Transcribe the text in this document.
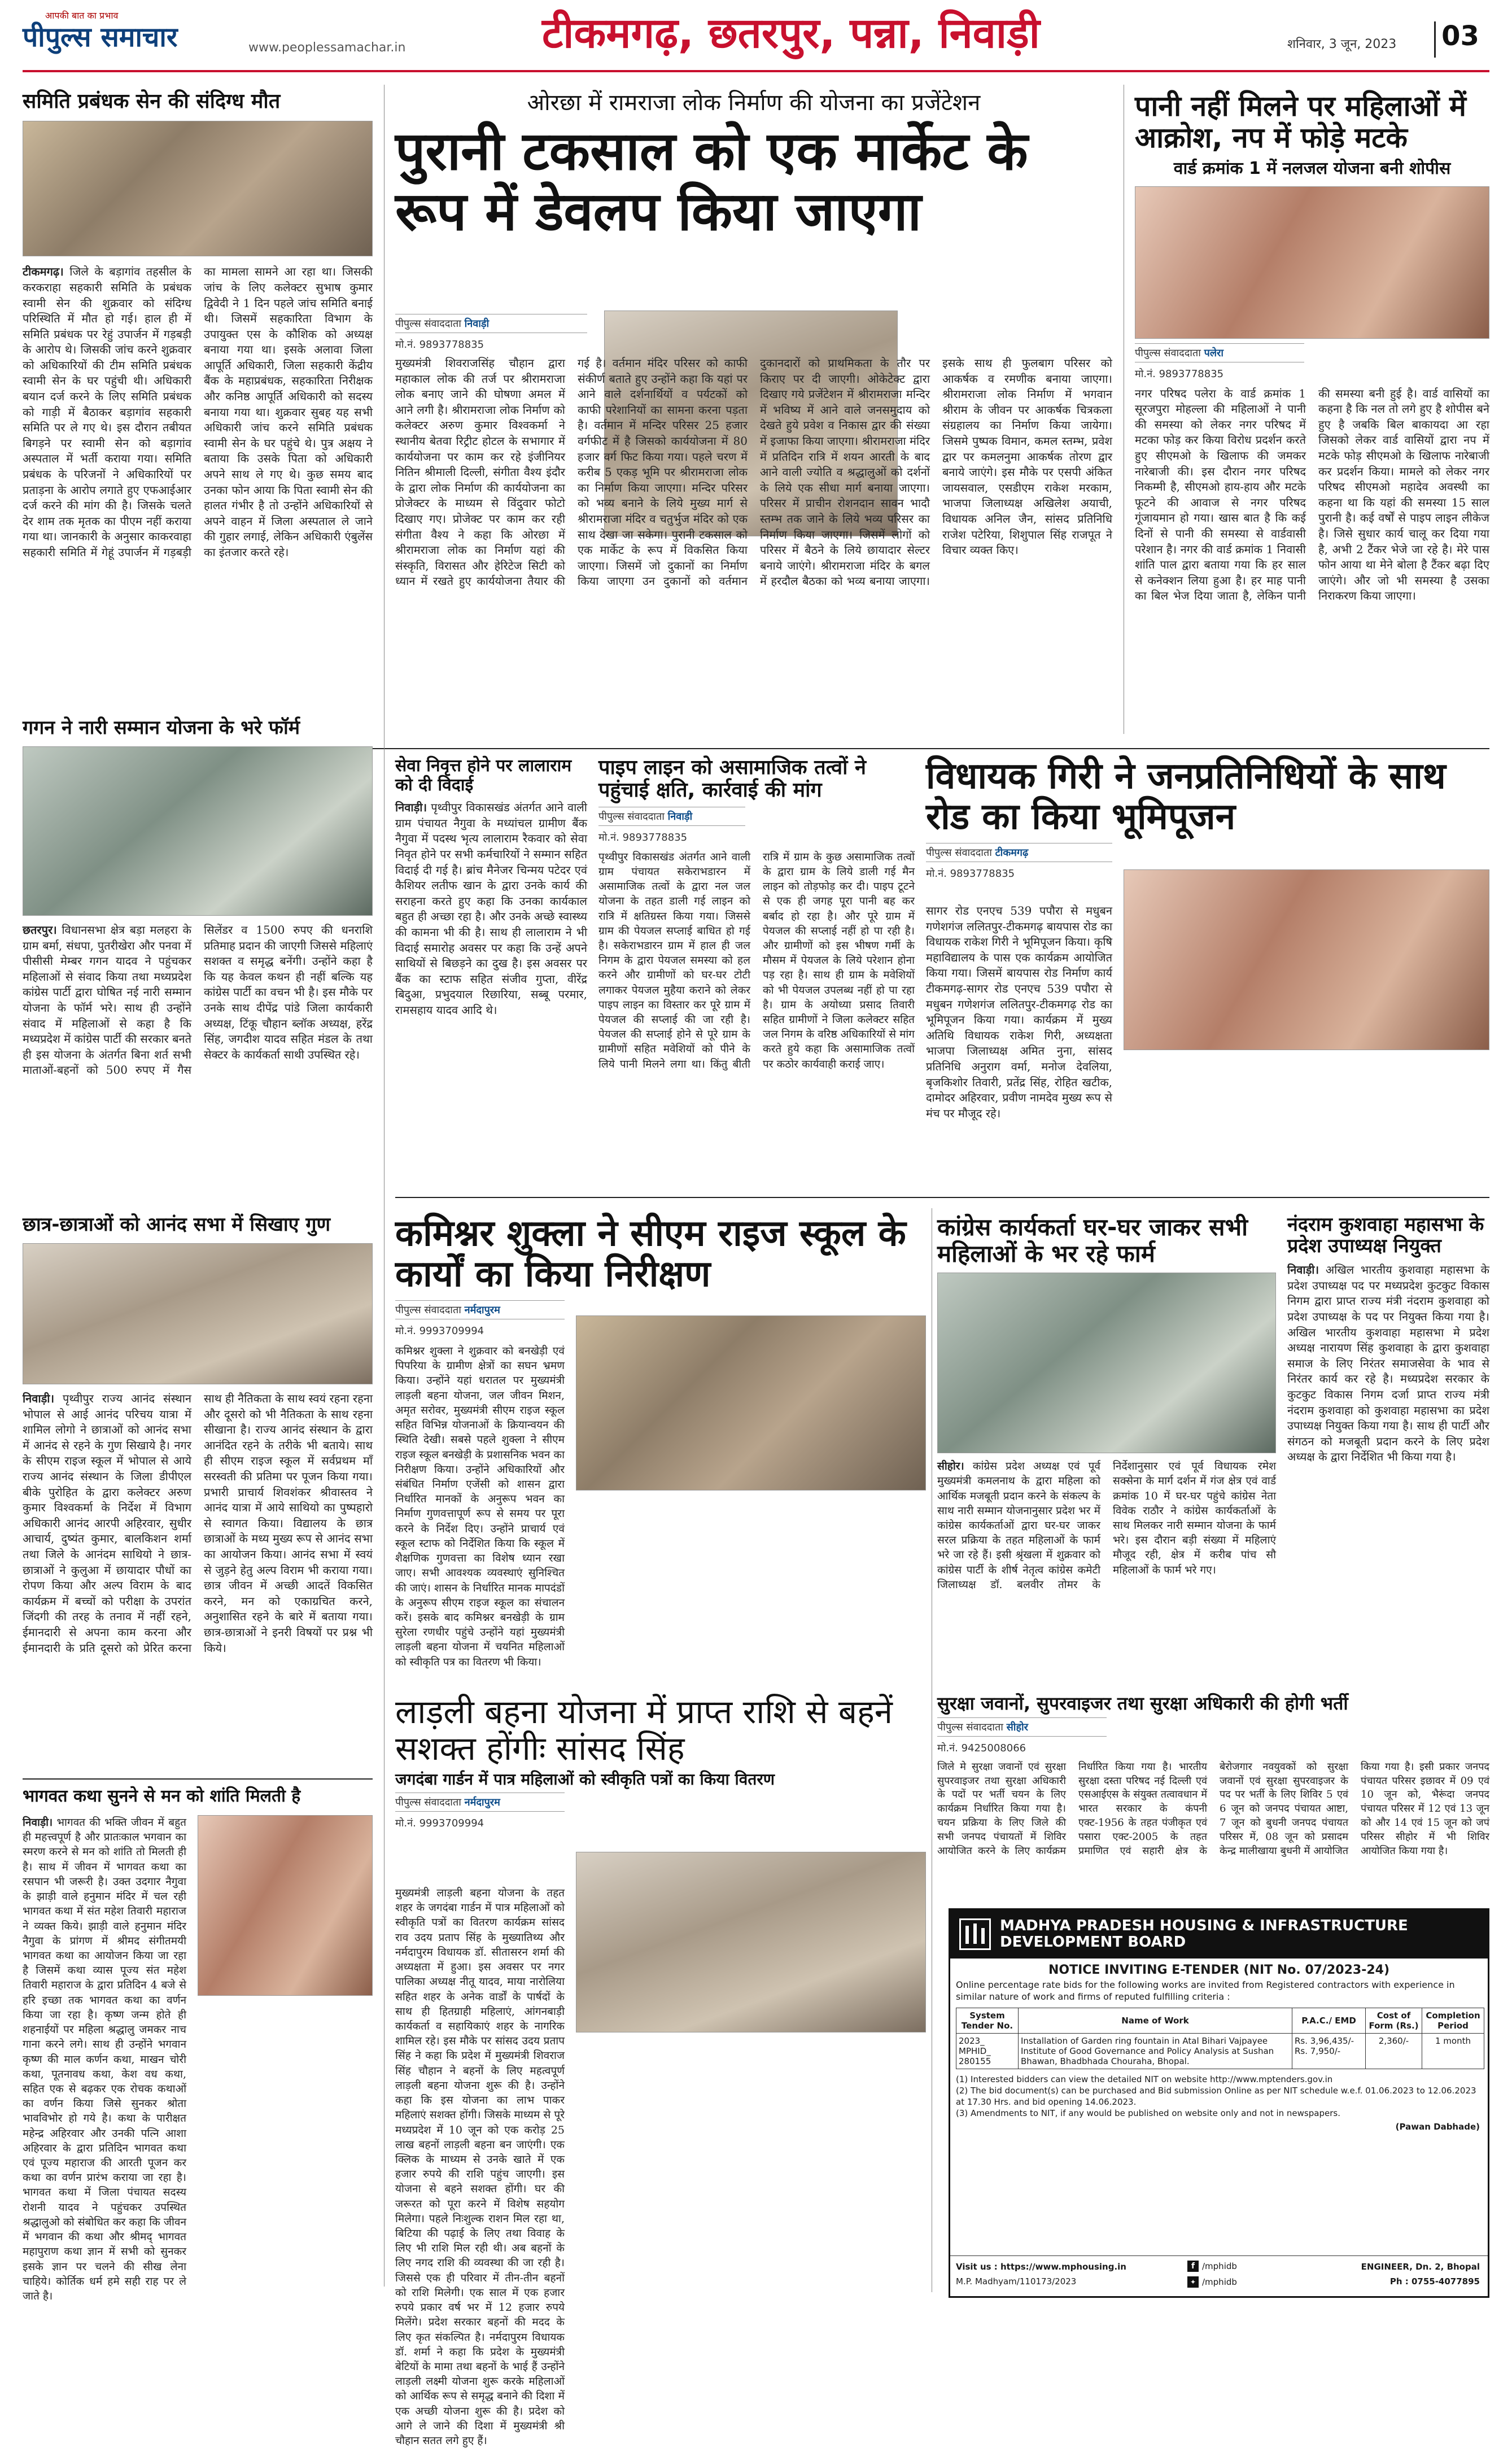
आपकी बात का प्रभाव
पीपुल्स समाचार	www.peoplessamachar.in	टीकमगढ़, छतरपुर, पन्ना, निवाड़ी	शनिवार, 3 जून, 2023 03
समिति प्रबंधक सेन की संदिग्ध मौत
टीकमगढ़। जिले के बड़ागांव तहसील के करकराहा सहकारी समिति के प्रबंधक स्वामी सेन की शुक्रवार को संदिग्ध परिस्थिति में मौत हो गई। हाल ही में समिति प्रबंधक पर रेहुं उपार्जन में गड़बड़ी के आरोप थे। जिसकी जांच करने शुक्रवार को अधिकारियों की टीम समिति प्रबंधक स्वामी सेन के घर पहुंची थी। अधिकारी बयान दर्ज करने के लिए समिति प्रबंधक को गाड़ी में बैठाकर बड़ागांव सहकारी समिति पर ले गए थे। इस दौरान तबीयत बिगड़ने पर स्वामी सेन को बड़ागांव अस्पताल में भर्ती कराया गया। समिति प्रबंधक के परिजनों ने अधिकारियों पर प्रताड़ना के आरोप लगाते हुए एफआईआर दर्ज करने की मांग की है। जिसके चलते देर शाम तक मृतक का पीएम नहीं कराया गया था। जानकारी के अनुसार काकरवाहा सहकारी समिति में गेहूं उपार्जन में गड़बड़ी का मामला सामने आ रहा था। जिसकी जांच के लिए कलेक्टर सुभाष कुमार द्विवेदी ने 1 दिन पहले जांच समिति बनाई थी। जिसमें सहकारिता विभाग के उपायुक्त एस के कौशिक को अध्यक्ष बनाया गया था। इसके अलावा जिला आपूर्ति अधिकारी, जिला सहकारी केंद्रीय बैंक के महाप्रबंधक, सहकारिता निरीक्षक और कनिष्ठ आपूर्ति अधिकारी को सदस्य बनाया गया था। शुक्रवार सुबह यह सभी अधिकारी जांच करने समिति प्रबंधक स्वामी सेन के घर पहुंचे थे। पुत्र अक्षय ने बताया कि उसके पिता को अधिकारी अपने साथ ले गए थे। कुछ समय बाद उनका फोन आया कि पिता स्वामी सेन की हालत गंभीर है तो उन्होंने अधिकारियों से अपने वाहन में जिला अस्पताल ले जाने की गुहार लगाई, लेकिन अधिकारी एंबुलेंस का इंतजार करते रहे।
ओरछा में रामराजा लोक निर्माण की योजना का प्रजेंटेशन
पुरानी टकसाल को एक मार्केट के रूप में डेवलप किया जाएगा
पीपुल्स संवाददाता निवाड़ी
मो.नं. 9893778835
मुख्यमंत्री शिवराजसिंह चौहान द्वारा महाकाल लोक की तर्ज पर श्रीरामराजा लोक बनाए जाने की घोषणा अमल में आने लगी है। श्रीरामराजा लोक निर्माण को कलेक्टर अरुण कुमार विश्वकर्मा ने स्थानीय बेतवा रिट्रीट होटल के सभागार में कार्ययोजना पर काम कर रहे इंजीनियर नितिन श्रीमाली दिल्ली, संगीता वैश्य इंदौर के द्वारा लोक निर्माण की कार्ययोजना का प्रोजेक्टर के माध्यम से विंदुवार फोटो दिखाए गए। प्रोजेक्ट पर काम कर रही संगीता वैश्य ने कहा कि ओरछा में श्रीरामराजा लोक का निर्माण यहां की संस्कृति, विरासत और हेरिटेज सिटी को ध्यान में रखते हुए कार्ययोजना तैयार की गई है। वर्तमान मंदिर परिसर को काफी संकीर्ण बताते हुए उन्होंने कहा कि यहां पर आने वाले दर्शनार्थियों व पर्यटकों को काफी परेशानियों का सामना करना पड़ता है। वर्तमान में मन्दिर परिसर 25 हजार वर्गफीट में है जिसको कार्ययोजना में 80 हजार वर्ग फिट किया गया। पहले चरण में करीब 5 एकड़ भूमि पर श्रीरामराजा लोक का निर्माण किया जाएगा। मन्दिर परिसर को भव्य बनाने के लिये मुख्य मार्ग से श्रीरामराजा मंदिर व चतुर्भुज मंदिर को एक साथ देखा जा सकेगा। पुरानी टकसाल को एक मार्केट के रूप में विकसित किया जाएगा। जिसमें जो दुकानों का निर्माण किया जाएगा उन दुकानों को वर्तमान दुकानदारों को प्राथमिकता के तौर पर किराए पर दी जाएगी। ओकेटेक्ट द्वारा दिखाए गये प्रजेंटेशन में श्रीरामराजा मन्दिर में भविष्य में आने वाले जनसमुदाय को देखते हुये प्रवेश व निकास द्वार की संख्या में इजाफा किया जाएगा। श्रीरामराजा मंदिर में प्रतिदिन रात्रि में शयन आरती के बाद आने वाली ज्योति व श्रद्धालुओं को दर्शनों के लिये एक सीधा मार्ग बनाया जाएगा। परिसर में प्राचीन रोशनदान सावन भादौ स्तम्भ तक जाने के लिये भव्य परिसर का निर्माण किया जाएगा। जिसमें लोगों को परिसर में बैठने के लिये छायादार सेल्टर बनाये जाएंगे। श्रीरामराजा मंदिर के बगल में हरदौल बैठका को भव्य बनाया जाएगा। इसके साथ ही फुलबाग परिसर को आकर्षक व रमणीक बनाया जाएगा। श्रीरामराजा लोक निर्माण में भगवान श्रीराम के जीवन पर आकर्षक चित्रकला संग्रहालय का निर्माण किया जायेगा। जिसमे पुष्पक विमान, कमल स्तम्भ, प्रवेश द्वार पर कमलनुमा आकर्षक तोरण द्वार बनाये जाएंगे। इस मौके पर एसपी अंकित जायसवाल, एसडीएम राकेश मरकाम, भाजपा जिलाध्यक्ष अखिलेश अयाची, विधायक अनिल जैन, सांसद प्रतिनिधि राजेश पटेरिया, शिशुपाल सिंह राजपूत ने विचार व्यक्त किए।
पानी नहीं मिलने पर महिलाओं में आक्रोश, नप में फोड़े मटके
वार्ड क्रमांक 1 में नलजल योजना बनी शोपीस
पीपुल्स संवाददाता पलेरा
मो.नं. 9893778835
नगर परिषद पलेरा के वार्ड क्रमांक 1 सूरजपुरा मोहल्ला की महिलाओं ने पानी की समस्या को लेकर नगर परिषद में मटका फोड़ कर किया विरोध प्रदर्शन करते हुए सीएमओ के खिलाफ की जमकर नारेबाजी की। इस दौरान नगर परिषद निकम्मी है, सीएमओ हाय-हाय और मटके फूटने की आवाज से नगर परिषद गूंजायमान हो गया। खास बात है कि कई दिनों से पानी की समस्या से वार्डवासी परेशान है। नगर की वार्ड क्रमांक 1 निवासी शांति पाल द्वारा बताया गया कि हर साल से कनेक्शन लिया हुआ है। हर माह पानी का बिल भेज दिया जाता है, लेकिन पानी की समस्या बनी हुई है। वार्ड वासियों का कहना है कि नल तो लगे हुए है शोपीस बने हुए है जबकि बिल बाकायदा आ रहा जिसको लेकर वार्ड वासियों द्वारा नप में मटके फोड़ सीएमओ के खिलाफ नारेबाजी कर प्रदर्शन किया। मामले को लेकर नगर परिषद सीएमओ महादेव अवस्थी का कहना था कि यहां की समस्या 15 साल पुरानी है। कई वर्षों से पाइप लाइन लीकेज है। जिसे सुधार कार्य चालू कर दिया गया है, अभी 2 टैंकर भेजे जा रहे है। मेरे पास फोन आया था मेने बोला है टैंकर बढ़ा दिए जाएंगे। और जो भी समस्या है उसका निराकरण किया जाएगा।
गगन ने नारी सम्मान योजना के भरे फॉर्म
छतरपुर। विधानसभा क्षेत्र बड़ा मलहरा के ग्राम बर्मा, संधपा, पुतरीखेरा और पनवा में पीसीसी मेम्बर गगन यादव ने पहुंचकर महिलाओं से संवाद किया तथा मध्यप्रदेश कांग्रेस पार्टी द्वारा घोषित नई नारी सम्मान योजना के फॉर्म भरे। साथ ही उन्होंने संवाद में महिलाओं से कहा है कि मध्यप्रदेश में कांग्रेस पार्टी की सरकार बनते ही इस योजना के अंतर्गत बिना शर्त सभी माताओं-बहनों को 500 रुपए में गैस सिलेंडर व 1500 रुपए की धनराशि प्रतिमाह प्रदान की जाएगी जिससे महिलाएं सशक्त व समृद्ध बनेंगी। उन्होंने कहा है कि यह केवल कथन ही नहीं बल्कि यह कांग्रेस पार्टी का वचन भी है। इस मौके पर उनके साथ दीपेंद्र पांडे जिला कार्यकारी अध्यक्ष, टिंकू चौहान ब्लॉक अध्यक्ष, हरेंद्र सिंह, जगदीश यादव सहित मंडल के तथा सेक्टर के कार्यकर्ता साथी उपस्थित रहे।
सेवा निवृत्त होने पर लालाराम को दी विदाई
निवाड़ी। पृथ्वीपुर विकासखंड अंतर्गत आने वाली ग्राम पंचायत नैगुवा के मध्यांचल ग्रामीण बैंक नैगुवा में पदस्थ भृत्य लालाराम रैकवार को सेवा निवृत होने पर सभी कर्मचारियों ने सम्मान सहित विदाई दी गई है। ब्रांच मैनेजर चिन्मय पटेदर एवं कैशियर लतीफ खान के द्वारा उनके कार्य की सराहना करते हुए कहा कि उनका कार्यकाल बहुत ही अच्छा रहा है। और उनके अच्छे स्वास्थ्य की कामना भी की है। साथ ही लालाराम ने भी विदाई समारोह अवसर पर कहा कि उन्हें अपने साथियों से बिछड़ने का दुख है। इस अवसर पर बैंक का स्टाफ सहित संजीव गुप्ता, वीरेंद्र बिदुआ, प्रभुदयाल रिछारिया, सब्बू परमार, रामसहाय यादव आदि थे।
पाइप लाइन को असामाजिक तत्वों ने पहुंचाई क्षति, कार्रवाई की मांग
पीपुल्स संवाददाता निवाड़ी
मो.नं. 9893778835
पृथ्वीपुर विकासखंड अंतर्गत आने वाली ग्राम पंचायत सकेराभडारन में असामाजिक तत्वों के द्वारा नल जल योजना के तहत डाली गई लाइन को रात्रि में क्षतिग्रस्त किया गया। जिससे ग्राम की पेयजल सप्लाई बाधित हो गई है। सकेराभडारन ग्राम में हाल ही जल निगम के द्वारा पेयजल समस्या को हल करने और ग्रामीणों को घर-घर टोटी लगाकर पेयजल मुहैया कराने को लेकर पाइप लाइन का विस्तार कर पूरे ग्राम में पेयजल की सप्लाई की जा रही है। पेयजल की सप्लाई होने से पूरे ग्राम के ग्रामीणों सहित मवेशियों को पीने के लिये पानी मिलने लगा था। किंतु बीती रात्रि में ग्राम के कुछ असामाजिक तत्वों के द्वारा ग्राम के लिये डाली गई मैन लाइन को तोड़फोड़ कर दी। पाइप टूटने से एक ही जगह पूरा पानी बह कर बर्बाद हो रहा है। और पूरे ग्राम में पेयजल की सप्लाई नहीं हो पा रही है। और ग्रामीणों को इस भीषण गर्मी के मौसम में पेयजल के लिये परेशान होना पड़ रहा है। साथ ही ग्राम के मवेशियों को भी पेयजल उपलब्ध नहीं हो पा रहा है। ग्राम के अयोध्या प्रसाद तिवारी सहित ग्रामीणों ने जिला कलेक्टर सहित जल निगम के वरिष्ठ अधिकारियों से मांग करते हुये कहा कि असामाजिक तत्वों पर कठोर कार्यवाही कराई जाए।
विधायक गिरी ने जनप्रतिनिधियों के साथ रोड का किया भूमिपूजन
पीपुल्स संवाददाता टीकमगढ़
मो.नं. 9893778835
सागर रोड एनएच 539 पपौरा से मधुबन गणेशगंज ललितपुर-टीकमगढ़ बायपास रोड का विधायक राकेश गिरी ने भूमिपूजन किया। कृषि महाविद्यालय के पास एक कार्यक्रम आयोजित किया गया। जिसमें बायपास रोड निर्माण कार्य टीकमगढ़-सागर रोड एनएच 539 पपौरा से मधुबन गणेशगंज ललितपुर-टीकमगढ़ रोड का भूमिपूजन किया गया। कार्यक्रम में मुख्य अतिथि विधायक राकेश गिरी, अध्यक्षता भाजपा जिलाध्यक्ष अमित नुना, सांसद प्रतिनिधि अनुराग वर्मा, मनोज देवलिया, बृजकिशोर तिवारी, प्रतेंद्र सिंह, रोहित खटीक, दामोदर अहिरवार, प्रवीण नामदेव मुख्य रूप से मंच पर मौजूद रहे।
छात्र-छात्राओं को आनंद सभा में सिखाए गुण
निवाड़ी। पृथ्वीपुर राज्य आनंद संस्थान भोपाल से आई आनंद परिचय यात्रा में शामिल लोगो ने छात्राओं को आनंद सभा में आनंद से रहने के गुण सिखाये है। नगर के सीएम राइज स्कूल में भोपाल से आये राज्य आनंद संस्थान के जिला डीपीएल बीके पुरोहित के द्वारा कलेक्टर अरुण कुमार विश्वकर्मा के निर्देश में विभाग अधिकारी आनंद आरपी अहिरवार, सुधीर आचार्य, दुष्यंत कुमार, बालकिशन शर्मा तथा जिले के आनंदम साथियो ने छात्र-छात्राओं ने कुलुआ में छायादार पौधों का रोपण किया और अल्प विराम के बाद कार्यक्रम में बच्चों को परीक्षा के उपरांत जिंदगी की तरह के तनाव में नहीं रहने, ईमानदारी से अपना काम करना और ईमानदारी के प्रति दूसरो को प्रेरित करना साथ ही नैतिकता के साथ स्वयं रहना रहना और दूसरो को भी नैतिकता के साथ रहना सीखाना है। राज्य आनंद संस्थान के द्वारा आनंदित रहने के तरीके भी बताये। साथ ही सीएम राइज स्कूल में सर्वप्रथम माँ सरस्वती की प्रतिमा पर पूजन किया गया। प्रभारी प्राचार्य शिवशंकर श्रीवास्तव ने आनंद यात्रा में आये साथियो का पुष्पहारो से स्वागत किया। विद्यालय के छात्र छात्राओं के मध्य मुख्य रूप से आनंद सभा का आयोजन किया। आनंद सभा में स्वयं से जुड़ने हेतु अल्प विराम भी कराया गया। छात्र जीवन में अच्छी आदतें विकसित करने, मन को एकाग्रचित करने, अनुशासित रहने के बारे में बताया गया। छात्र-छात्राओं ने इनरी विषयों पर प्रश्न भी किये।
कमिश्नर शुक्ला ने सीएम राइज स्कूल के कार्यों का किया निरीक्षण
पीपुल्स संवाददाता नर्मदापुरम
मो.नं. 9993709994
कमिश्नर शुक्ला ने शुक्रवार को बनखेड़ी एवं पिपरिया के ग्रामीण क्षेत्रों का सघन भ्रमण किया। उन्होंने यहां धरातल पर मुख्यमंत्री लाड़ली बहना योजना, जल जीवन मिशन, अमृत सरोवर, मुख्यमंत्री सीएम राइज स्कूल सहित विभिन्न योजनाओं के क्रियान्वयन की स्थिति देखी। सबसे पहले शुक्ला ने सीएम राइज स्कूल बनखेड़ी के प्रशासनिक भवन का निरीक्षण किया। उन्होंने अधिकारियों और संबंधित निर्माण एजेंसी को शासन द्वारा निर्धारित मानकों के अनुरूप भवन का निर्माण गुणवत्तापूर्ण रूप से समय पर पूरा करने के निर्देश दिए। उन्होंने प्राचार्य एवं स्कूल स्टाफ को निर्देशित किया कि स्कूल में शैक्षणिक गुणवत्ता का विशेष ध्यान रखा जाए। सभी आवश्यक व्यवस्थाएं सुनिश्चित की जाएं। शासन के निर्धारित मानक मापदंडों के अनुरूप सीएम राइज स्कूल का संचालन करें। इसके बाद कमिश्नर बनखेड़ी के ग्राम सुरेला रणधीर पहुंचे उन्होंने यहां मुख्यमंत्री लाड़ली बहना योजना में चयनित महिलाओं को स्वीकृति पत्र का वितरण भी किया।
कांग्रेस कार्यकर्ता घर-घर जाकर सभी महिलाओं के भर रहे फार्म
सीहोर। कांग्रेस प्रदेश अध्यक्ष एवं पूर्व मुख्यमंत्री कमलनाथ के द्वारा महिला को आर्थिक मजबूती प्रदान करने के संकल्प के साथ नारी सम्मान योजनानुसार प्रदेश भर में कांग्रेस कार्यकर्ताओं द्वारा घर-घर जाकर सरल प्रक्रिया के तहत महिलाओं के फार्म भरे जा रहे हैं। इसी श्रृंखला में शुक्रवार को कांग्रेस पार्टी के शीर्ष नेतृत्व कांग्रेस कमेटी जिलाध्यक्ष डॉ. बलवीर तोमर के निर्देशानुसार एवं पूर्व विधायक रमेश सक्सेना के मार्ग दर्शन में गंज क्षेत्र एवं वार्ड क्रमांक 10 में घर-घर पहुंचे कांग्रेस नेता विवेक राठौर ने कांग्रेस कार्यकर्ताओं के साथ मिलकर नारी सम्मान योजना के फार्म भरे। इस दौरान बड़ी संख्या में महिलाएं मौजूद रही, क्षेत्र में करीब पांच सौ महिलाओं के फार्म भरे गए।
नंदराम कुशवाहा महासभा के प्रदेश उपाध्यक्ष नियुक्त
निवाड़ी। अखिल भारतीय कुशवाहा महासभा के प्रदेश उपाध्यक्ष पद पर मध्यप्रदेश कुटकुट विकास निगम द्वारा प्राप्त राज्य मंत्री नंदराम कुशवाहा को प्रदेश उपाध्यक्ष के पद पर नियुक्त किया गया है। अखिल भारतीय कुशवाहा महासभा मे प्रदेश अध्यक्ष नारायण सिंह कुशवाहा के द्वारा कुशवाहा समाज के लिए निरंतर समाजसेवा के भाव से निरंतर कार्य कर रहे है। मध्यप्रदेश सरकार के कुटकुट विकास निगम दर्जा प्राप्त राज्य मंत्री नंदराम कुशवाहा को कुशवाहा महासभा का प्रदेश उपाध्यक्ष नियुक्त किया गया है। साथ ही पार्टी और संगठन को मजबूती प्रदान करने के लिए प्रदेश अध्यक्ष के द्वारा निर्देशित भी किया गया है।
भागवत कथा सुनने से मन को शांति मिलती है
निवाड़ी। भागवत की भक्ति जीवन में बहुत ही महत्त्वपूर्ण है और प्रातःकाल भगवान का स्मरण करने से मन को शांति तो मिलती ही है। साथ में जीवन में भागवत कथा का रसपान भी जरूरी है। उक्त उदगार नैगुवा के झाड़ी वाले हनुमान मंदिर में चल रही भागवत कथा में संत महेश तिवारी महाराज ने व्यक्त किये। झाड़ी वाले हनुमान मंदिर नैगुवा के प्रांगण में श्रीमद संगीतमयी भागवत कथा का आयोजन किया जा रहा है जिसमें कथा व्यास पूज्य संत महेश तिवारी महाराज के द्वारा प्रतिदिन 4 बजे से हरि इच्छा तक भागवत कथा का वर्णन किया जा रहा है। कृष्ण जन्म होते ही शहनाईयों पर महिला श्रद्धालु जमकर नाच गाना करने लगे। साथ ही उन्होंने भगवान कृष्ण की माल कर्णन कथा, माखन चोरी कथा, पूतनावध कथा, केश वध कथा, सहित एक से बढ़कर एक रोचक कथाओं का वर्णन किया जिसे सुनकर श्रोता भावविभोर हो गये है। कथा के पारीक्षत महेन्द्र अहिरवार और उनकी पत्नि आशा अहिरवार के द्वारा प्रतिदिन भागवत कथा एवं पूज्य महाराज की आरती पूजन कर कथा का वर्णन प्रारंभ कराया जा रहा है। भागवत कथा में जिला पंचायत सदस्य रोशनी यादव ने पहुंचकर उपस्थित श्रद्धालुओ को संबोधित कर कहा कि जीवन में भगवान की कथा और श्रीमद् भागवत महापुराण कथा ज्ञान में सभी को सुनकर इसके ज्ञान पर चलने की सीख लेना चाहिये। कोर्तिक धर्म हमे सही राह पर ले जाते है।
लाड़ली बहना योजना में प्राप्त राशि से बहनें सशक्त होंगीः सांसद सिंह
जगदंबा गार्डन में पात्र महिलाओं को स्वीकृति पत्रों का किया वितरण
पीपुल्स संवाददाता नर्मदापुरम
मो.नं. 9993709994
मुख्यमंत्री लाड़ली बहना योजना के तहत शहर के जगदंबा गार्डन में पात्र महिलाओं को स्वीकृति पत्रों का वितरण कार्यक्रम सांसद राव उदय प्रताप सिंह के मुख्यातिथ्य और नर्मदापुरम विधायक डॉ. सीतासरन शर्मा की अध्यक्षता में हुआ। इस अवसर पर नगर पालिका अध्यक्ष नीतू यादव, माया नारोलिया सहित शहर के अनेक वार्डों के पार्षदों के साथ ही हितग्राही महिलाएं, आंगनबाड़ी कार्यकर्ता व सहायिकाएं शहर के नागरिक शामिल रहे। इस मौके पर सांसद उदय प्रताप सिंह ने कहा कि प्रदेश में मुख्यमंत्री शिवराज सिंह चौहान ने बहनों के लिए महत्वपूर्ण लाड़ली बहना योजना शुरू की है। उन्होंने कहा कि इस योजना का लाभ पाकर महिलाएं सशक्त होंगी। जिसके माध्यम से पूरे मध्यप्रदेश में 10 जून को एक करोड़ 25 लाख बहनों लाड़ली बहना बन जाएंगी। एक क्लिक के माध्यम से उनके खाते में एक हजार रुपये की राशि पहुंच जाएगी। इस योजना से बहने सशक्त होंगी। घर की जरूरत को पूरा करने में विशेष सहयोग मिलेगा। पहले निःशुल्क राशन मिल रहा था, बिटिया की पढ़ाई के लिए तथा विवाह के लिए भी राशि मिल रही थी। अब बहनों के लिए नगद राशि की व्यवस्था की जा रही है। जिससे एक ही परिवार में तीन-तीन बहनों को राशि मिलेगी। एक साल में एक हजार रुपये प्रकार वर्ष भर में 12 हजार रुपये मिलेंगे। प्रदेश सरकार बहनों की मदद के लिए कृत संकल्पित है। नर्मदापुरम विधायक डॉ. शर्मा ने कहा कि प्रदेश के मुख्यमंत्री बेटियों के मामा तथा बहनों के भाई हैं उन्होंने लाड़ली लक्ष्मी योजना शुरू करके महिलाओं को आर्थिक रूप से समृद्ध बनाने की दिशा में एक अच्छी योजना शुरू की है। प्रदेश को आगे ले जाने की दिशा में मुख्यमंत्री श्री चौहान सतत लगे हुए हैं।
सुरक्षा जवानों, सुपरवाइजर तथा सुरक्षा अधिकारी की होगी भर्ती
पीपुल्स संवाददाता सीहोर
मो.नं. 9425008066
जिले मे सुरक्षा जवानों एवं सुरक्षा सुपरवाइजर तथा सुरक्षा अधिकारी के पदों पर भर्ती चयन के लिए कार्यक्रम निर्धारित किया गया है। चयन प्रक्रिया के लिए जिले की सभी जनपद पंचायतों में शिविर आयोजित करने के लिए कार्यक्रम निर्धारित किया गया है। भारतीय सुरक्षा दस्ता परिषद नई दिल्ली एवं एसआईएस के संयुक्त तत्वावधान में भारत सरकार के कंपनी एक्ट-1956 के तहत पंजीकृत एवं पसारा एक्ट-2005 के तहत प्रमाणित एवं सहारी क्षेत्र के बेरोजगार नवयुवकों को सुरक्षा जवानों एवं सुरक्षा सुपरवाइजर के पद पर भर्ती के लिए शिविर 5 एवं 6 जून को जनपद पंचायत आष्टा, 7 जून को बुधनी जनपद पंचायत परिसर में, 08 जून को प्रसादम केन्द्र मालीखाया बुधनी में आयोजित किया गया है। इसी प्रकार जनपद पंचायत परिसर इछावर में 09 एवं 10 जून को, भैरूंदा जनपद पंचायत परिसर में 12 एवं 13 जून को और 14 एवं 15 जून को जपं परिसर सीहोर में भी शिविर आयोजित किया गया है।
MADHYA PRADESH HOUSING & INFRASTRUCTURE DEVELOPMENT BOARD
NOTICE INVITING E-TENDER (NIT No. 07/2023-24)
Online percentage rate bids for the following works are invited from Registered contractors with experience in similar nature of work and firms of reputed fulfilling criteria :
System Tender No.	Name of Work	P.A.C./ EMD	Cost of Form (Rs.)	Completion Period
2023_ MPHID_ 280155	Installation of Garden ring fountain in Atal Bihari Vajpayee Institute of Good Governance and Policy Analysis at Sushan Bhawan, Bhadbhada Chouraha, Bhopal.	Rs. 3,96,435/- Rs. 7,950/-	2,360/-	1 month
(1) Interested bidders can view the detailed NIT on website http://www.mptenders.gov.in
(2) The bid document(s) can be purchased and Bid submission Online as per NIT schedule w.e.f. 01.06.2023 to 12.06.2023 at 17.30 Hrs. and bid opening 14.06.2023.
(3) Amendments to NIT, if any would be published on website only and not in newspapers.
(Pawan Dabhade)
Visit us : https://www.mphousing.in
M.P. Madhyam/110173/2023
f /mphidb
✦ /mphidb
ENGINEER, Dn. 2, Bhopal
Ph : 0755-4077895
